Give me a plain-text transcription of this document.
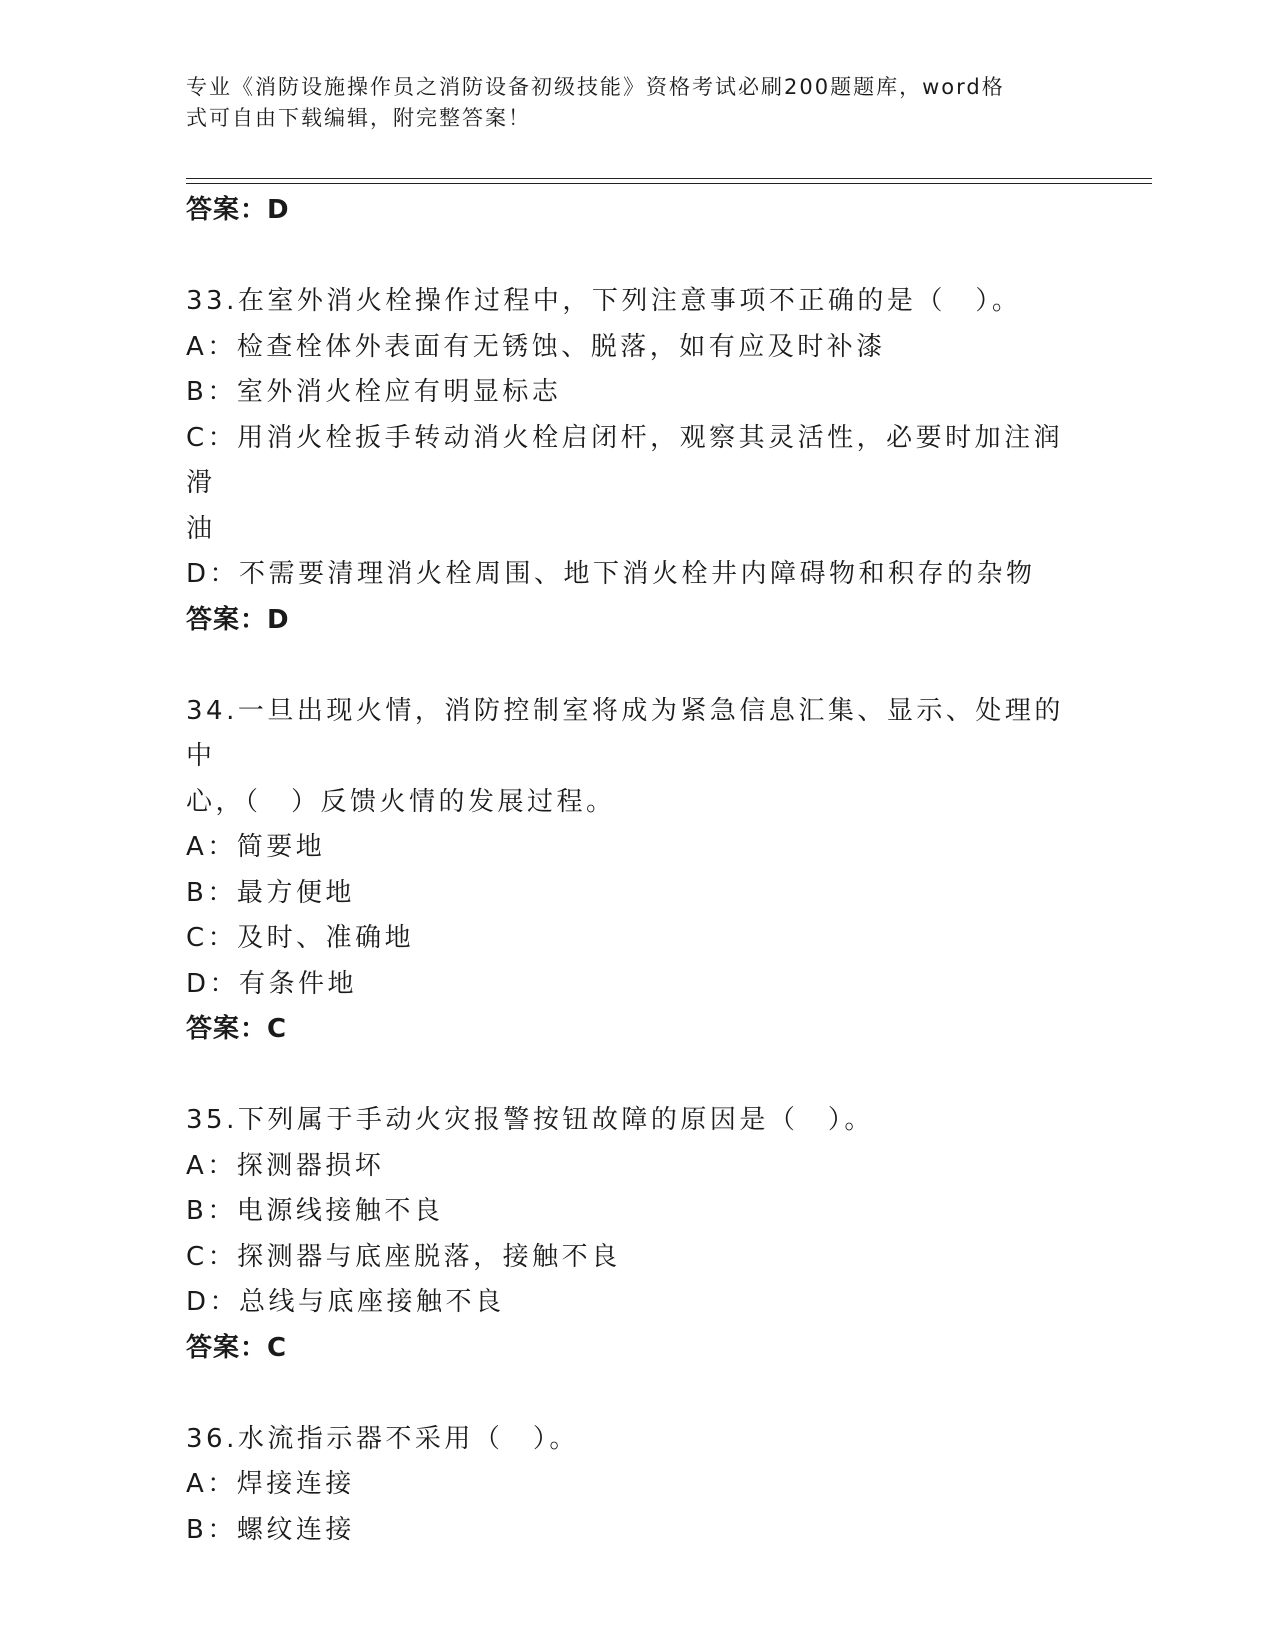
专业《消防设施操作员之消防设备初级技能》资格考试必刷200题题库，word格
式可自由下载编辑，附完整答案！

答案：D

33.在室外消火栓操作过程中，下列注意事项不正确的是（　）。

A：检查栓体外表面有无锈蚀、脱落，如有应及时补漆

B：室外消火栓应有明显标志

C：用消火栓扳手转动消火栓启闭杆，观察其灵活性，必要时加注润滑

油

D：不需要清理消火栓周围、地下消火栓井内障碍物和积存的杂物

答案：D

34.一旦出现火情，消防控制室将成为紧急信息汇集、显示、处理的中

心，（　）反馈火情的发展过程。

A：简要地

B：最方便地

C：及时、准确地

D：有条件地

答案：C

35.下列属于手动火灾报警按钮故障的原因是（　）。

A：探测器损坏

B：电源线接触不良

C：探测器与底座脱落，接触不良

D：总线与底座接触不良

答案：C

36.水流指示器不采用（　）。

A：焊接连接

B：螺纹连接
